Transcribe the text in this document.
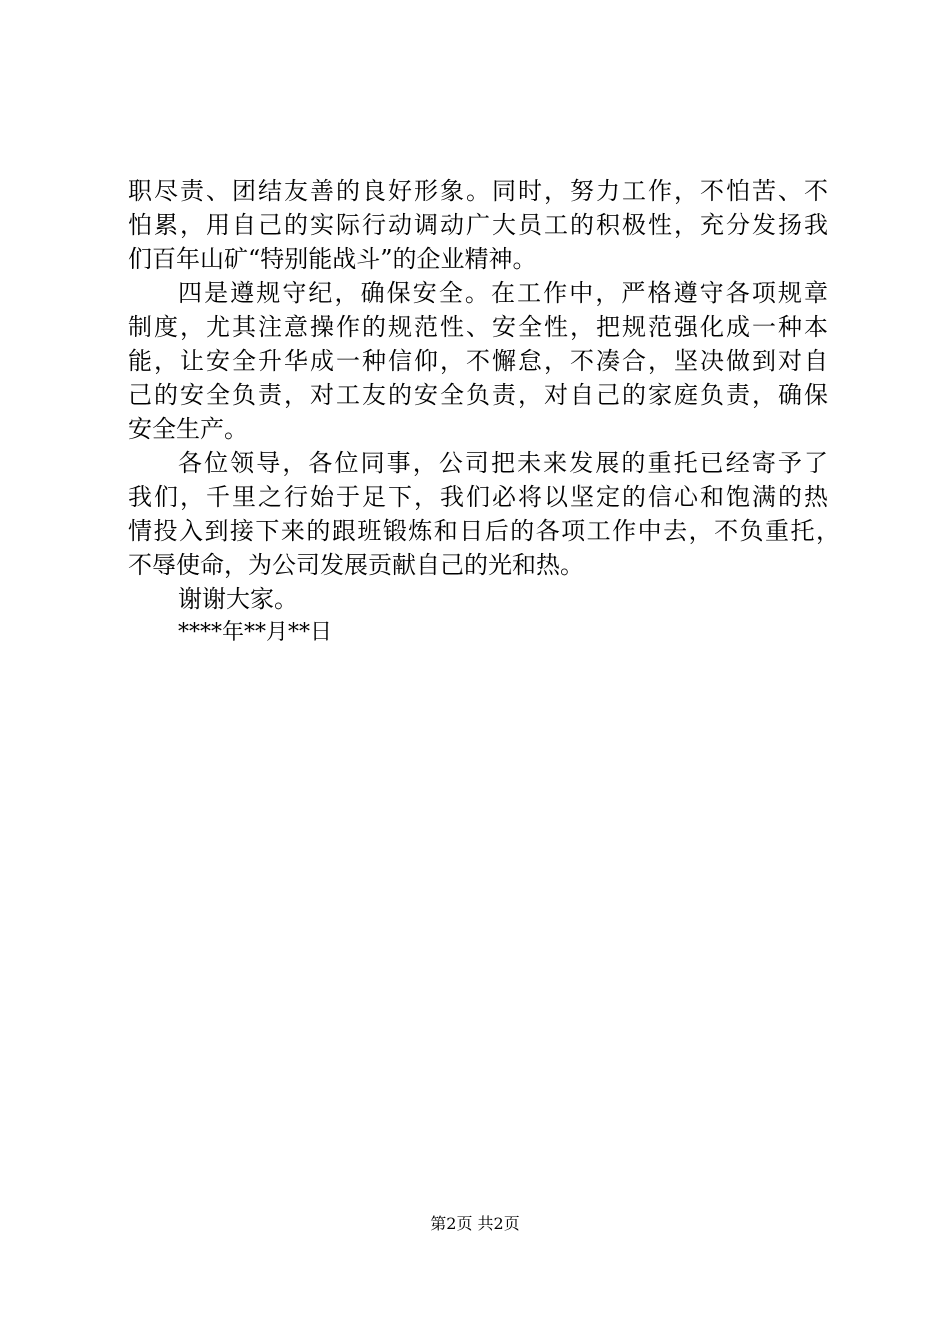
职尽责、团结友善的良好形象。同时，努力工作，不怕苦、不
怕累，用自己的实际行动调动广大员工的积极性，充分发扬我
们百年山矿“特别能战斗”的企业精神。
四是遵规守纪，确保安全。在工作中，严格遵守各项规章
制度，尤其注意操作的规范性、安全性，把规范强化成一种本
能，让安全升华成一种信仰，不懈怠，不凑合，坚决做到对自
己的安全负责，对工友的安全负责，对自己的家庭负责，确保
安全生产。
各位领导，各位同事，公司把未来发展的重托已经寄予了
我们，千里之行始于足下，我们必将以坚定的信心和饱满的热
情投入到接下来的跟班锻炼和日后的各项工作中去，不负重托，
不辱使命，为公司发展贡献自己的光和热。
谢谢大家。
****年**月**日
第2页 共2页
